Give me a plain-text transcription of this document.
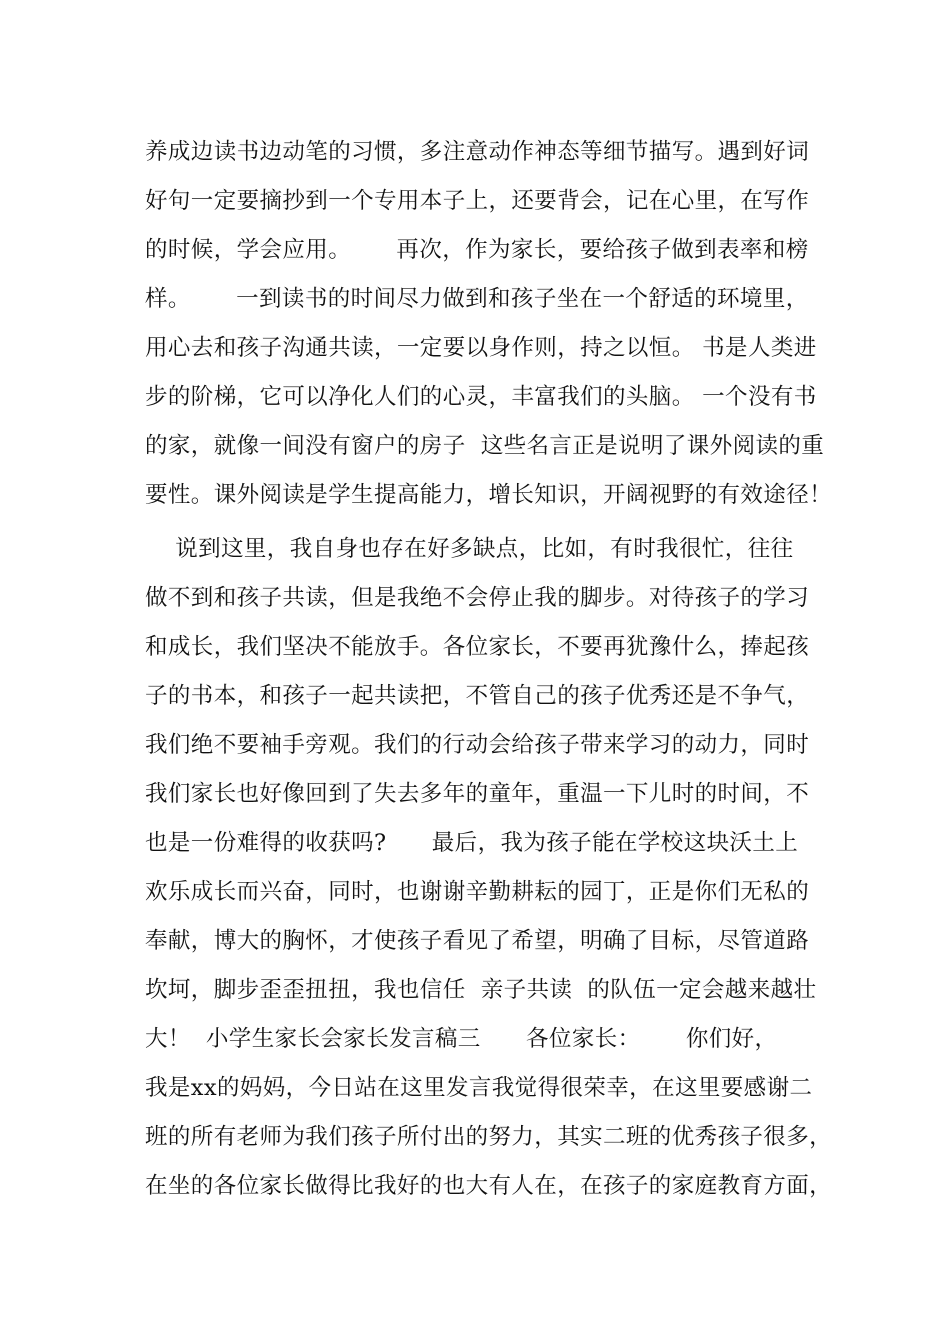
养成边读书边动笔的习惯，多注意动作神态等细节描写。遇到好词
好句一定要摘抄到一个专用本子上，还要背会，记在心里，在写作
的时候，学会应用。      再次，作为家长，要给孩子做到表率和榜
样。      一到读书的时间尽力做到和孩子坐在一个舒适的环境里，
用心去和孩子沟通共读，一定要以身作则，持之以恒。 书是人类进
步的阶梯，它可以净化人们的心灵，丰富我们的头脑。 一个没有书
的家，就像一间没有窗户的房子  这些名言正是说明了课外阅读的重
要性。课外阅读是学生提高能力，增长知识，开阔视野的有效途径！
说到这里，我自身也存在好多缺点，比如，有时我很忙，往往
做不到和孩子共读，但是我绝不会停止我的脚步。对待孩子的学习
和成长，我们坚决不能放手。各位家长，不要再犹豫什么，捧起孩
子的书本，和孩子一起共读把，不管自己的孩子优秀还是不争气，
我们绝不要袖手旁观。我们的行动会给孩子带来学习的动力，同时
我们家长也好像回到了失去多年的童年，重温一下儿时的时间，不
也是一份难得的收获吗?      最后，我为孩子能在学校这块沃土上
欢乐成长而兴奋，同时，也谢谢辛勤耕耘的园丁，正是你们无私的
奉献，博大的胸怀，才使孩子看见了希望，明确了目标，尽管道路
坎坷，脚步歪歪扭扭，我也信任  亲子共读  的队伍一定会越来越壮
大！  小学生家长会家长发言稿三      各位家长：      你们好，
我是xx的妈妈，今日站在这里发言我觉得很荣幸，在这里要感谢二
班的所有老师为我们孩子所付出的努力，其实二班的优秀孩子很多，
在坐的各位家长做得比我好的也大有人在，在孩子的家庭教育方面，
